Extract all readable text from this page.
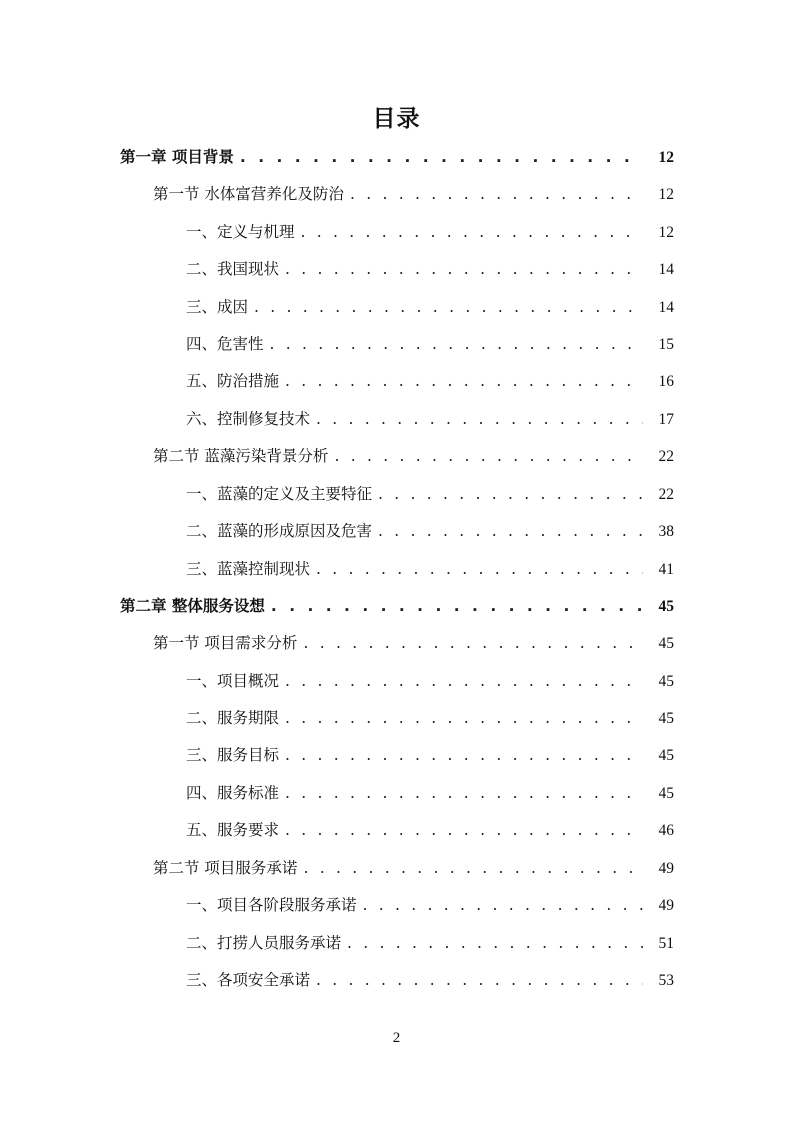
目录
第一章 项目背景 . . .	12
第一节 水体富营养化及防治 . . .	12
一、定义与机理 . . .	12
二、我国现状 . . .	14
三、成因 . . .	14
四、危害性 . . .	15
五、防治措施 . . .	16
六、控制修复技术 . . .	17
第二节 蓝藻污染背景分析 . . .	22
一、蓝藻的定义及主要特征 . . .	22
二、蓝藻的形成原因及危害 . . .	38
三、蓝藻控制现状 . . .	41
第二章 整体服务设想 . . .	45
第一节 项目需求分析 . . .	45
一、项目概况 . . .	45
二、服务期限 . . .	45
三、服务目标 . . .	45
四、服务标准 . . .	45
五、服务要求 . . .	46
第二节 项目服务承诺 . . .	49
一、项目各阶段服务承诺 . . .	49
二、打捞人员服务承诺 . . .	51
三、各项安全承诺 . . .	53
2
